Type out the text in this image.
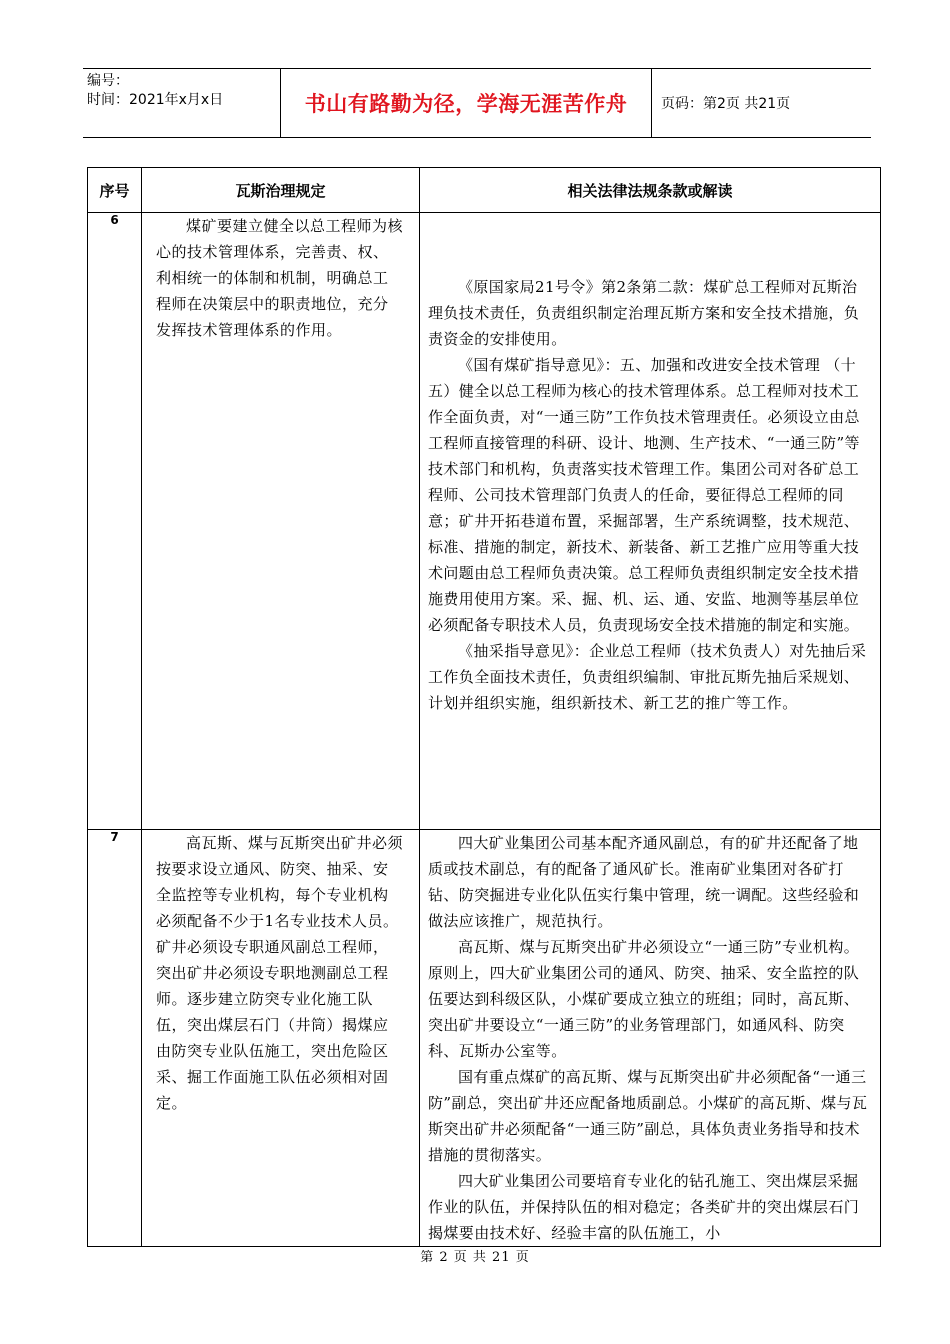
编号：
时间：2021年x月x日	书山有路勤为径，学海无涯苦作舟	页码：第2页 共21页
序号	瓦斯治理规定	相关法律法规条款或解读
6	煤矿要建立健全以总工程师为核心的技术管理体系，完善责、权、利相统一的体制和机制，明确总工程师在决策层中的职责地位，充分发挥技术管理体系的作用。	《原国家局21号令》第2条第二款：煤矿总工程师对瓦斯治理负技术责任，负责组织制定治理瓦斯方案和安全技术措施，负责资金的安排使用。

《国有煤矿指导意见》：五、加强和改进安全技术管理 （十五）健全以总工程师为核心的技术管理体系。总工程师对技术工作全面负责，对“一通三防”工作负技术管理责任。必须设立由总工程师直接管理的科研、设计、地测、生产技术、“一通三防”等技术部门和机构，负责落实技术管理工作。集团公司对各矿总工程师、公司技术管理部门负责人的任命，要征得总工程师的同意；矿井开拓巷道布置，采掘部署，生产系统调整，技术规范、标准、措施的制定，新技术、新装备、新工艺推广应用等重大技术问题由总工程师负责决策。总工程师负责组织制定安全技术措施费用使用方案。采、掘、机、运、通、安监、地测等基层单位必须配备专职技术人员，负责现场安全技术措施的制定和实施。

《抽采指导意见》：企业总工程师（技术负责人）对先抽后采工作负全面技术责任，负责组织编制、审批瓦斯先抽后采规划、计划并组织实施，组织新技术、新工艺的推广等工作。

7	高瓦斯、煤与瓦斯突出矿井必须按要求设立通风、防突、抽采、安全监控等专业机构，每个专业机构必须配备不少于1名专业技术人员。矿井必须设专职通风副总工程师，突出矿井必须设专职地测副总工程师。逐步建立防突专业化施工队伍，突出煤层石门（井筒）揭煤应由防突专业队伍施工，突出危险区采、掘工作面施工队伍必须相对固定。	四大矿业集团公司基本配齐通风副总，有的矿井还配备了地质或技术副总，有的配备了通风矿长。淮南矿业集团对各矿打钻、防突掘进专业化队伍实行集中管理，统一调配。这些经验和做法应该推广，规范执行。

高瓦斯、煤与瓦斯突出矿井必须设立“一通三防”专业机构。原则上，四大矿业集团公司的通风、防突、抽采、安全监控的队伍要达到科级区队，小煤矿要成立独立的班组；同时，高瓦斯、突出矿井要设立“一通三防”的业务管理部门，如通风科、防突科、瓦斯办公室等。

国有重点煤矿的高瓦斯、煤与瓦斯突出矿井必须配备“一通三防”副总，突出矿井还应配备地质副总。小煤矿的高瓦斯、煤与瓦斯突出矿井必须配备“一通三防”副总，具体负责业务指导和技术措施的贯彻落实。

四大矿业集团公司要培育专业化的钻孔施工、突出煤层采掘作业的队伍，并保持队伍的相对稳定；各类矿井的突出煤层石门揭煤要由技术好、经验丰富的队伍施工，小

第 2 页 共 21 页
